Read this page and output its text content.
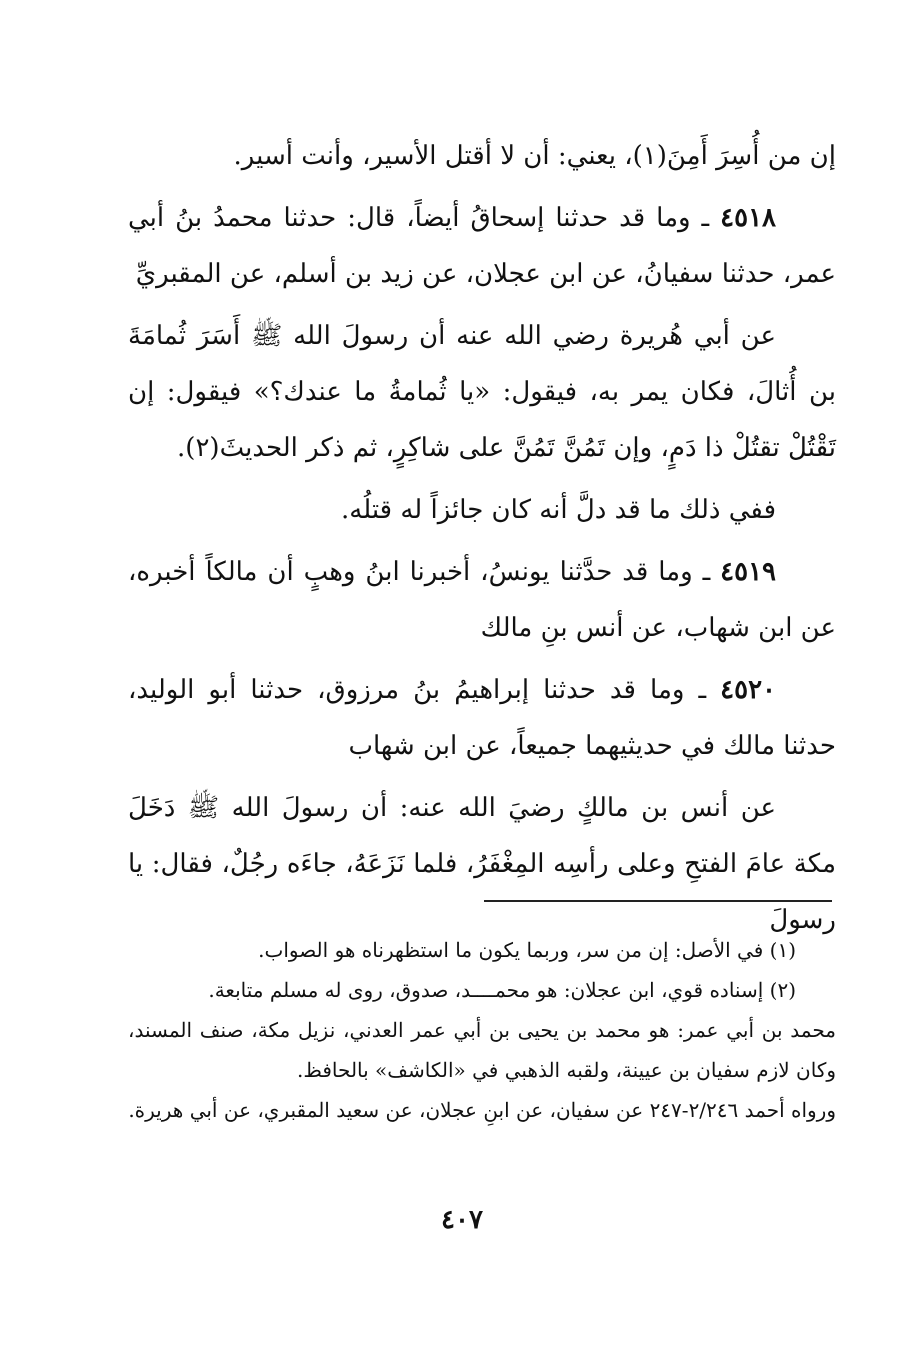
إن من أُسِرَ أَمِنَ(١)، يعني: أن لا أقتل الأسير، وأنت أسير.

٤٥١٨ ـ وما قد حدثنا إسحاقُ أيضاً، قال: حدثنا محمدُ بنُ أبي عمر، حدثنا سفيانُ، عن ابن عجلان، عن زيد بن أسلم، عن المقبريِّ

عن أبي هُريرة رضي الله عنه أن رسولَ الله ﷺ أَسَرَ ثُمامَةَ بن أُثالَ، فكان يمر به، فيقول: «يا ثُمامةُ ما عندك؟» فيقول: إن تَقْتُلْ تقتُلْ ذا دَمٍ، وإن تَمُنَّ تَمُنَّ على شاكِرٍ، ثم ذكر الحديثَ(٢).

ففي ذلك ما قد دلَّ أنه كان جائزاً له قتلُه.

٤٥١٩ ـ وما قد حدَّثنا يونسُ، أخبرنا ابنُ وهبٍ أن مالكاً أخبره، عن ابن شهاب، عن أنس بنِ مالك

٤٥٢٠ ـ وما قد حدثنا إبراهيمُ بنُ مرزوق، حدثنا أبو الوليد، حدثنا مالك في حديثيهما جميعاً، عن ابن شهاب

عن أنس بن مالكٍ رضيَ الله عنه: أن رسولَ الله ﷺ دَخَلَ مكة عامَ الفتحِ وعلى رأسِه المِغْفَرُ، فلما نَزَعَهُ، جاءَه رجُلٌ، فقال: يا رسولَ

(١) في الأصل: إن من سر، وربما يكون ما استظهرناه هو الصواب.

(٢) إسناده قوي، ابن عجلان: هو محمــــد، صدوق، روى له مسلم متابعة.

محمد بن أبي عمر: هو محمد بن يحيى بن أبي عمر العدني، نزيل مكة، صنف المسند، وكان لازم سفيان بن عيينة، ولقبه الذهبي في «الكاشف» بالحافظ.

ورواه أحمد ٢/٢٤٦-٢٤٧ عن سفيان، عن ابنِ عجلان، عن سعيد المقبري، عن أبي هريرة.

٤٠٧
